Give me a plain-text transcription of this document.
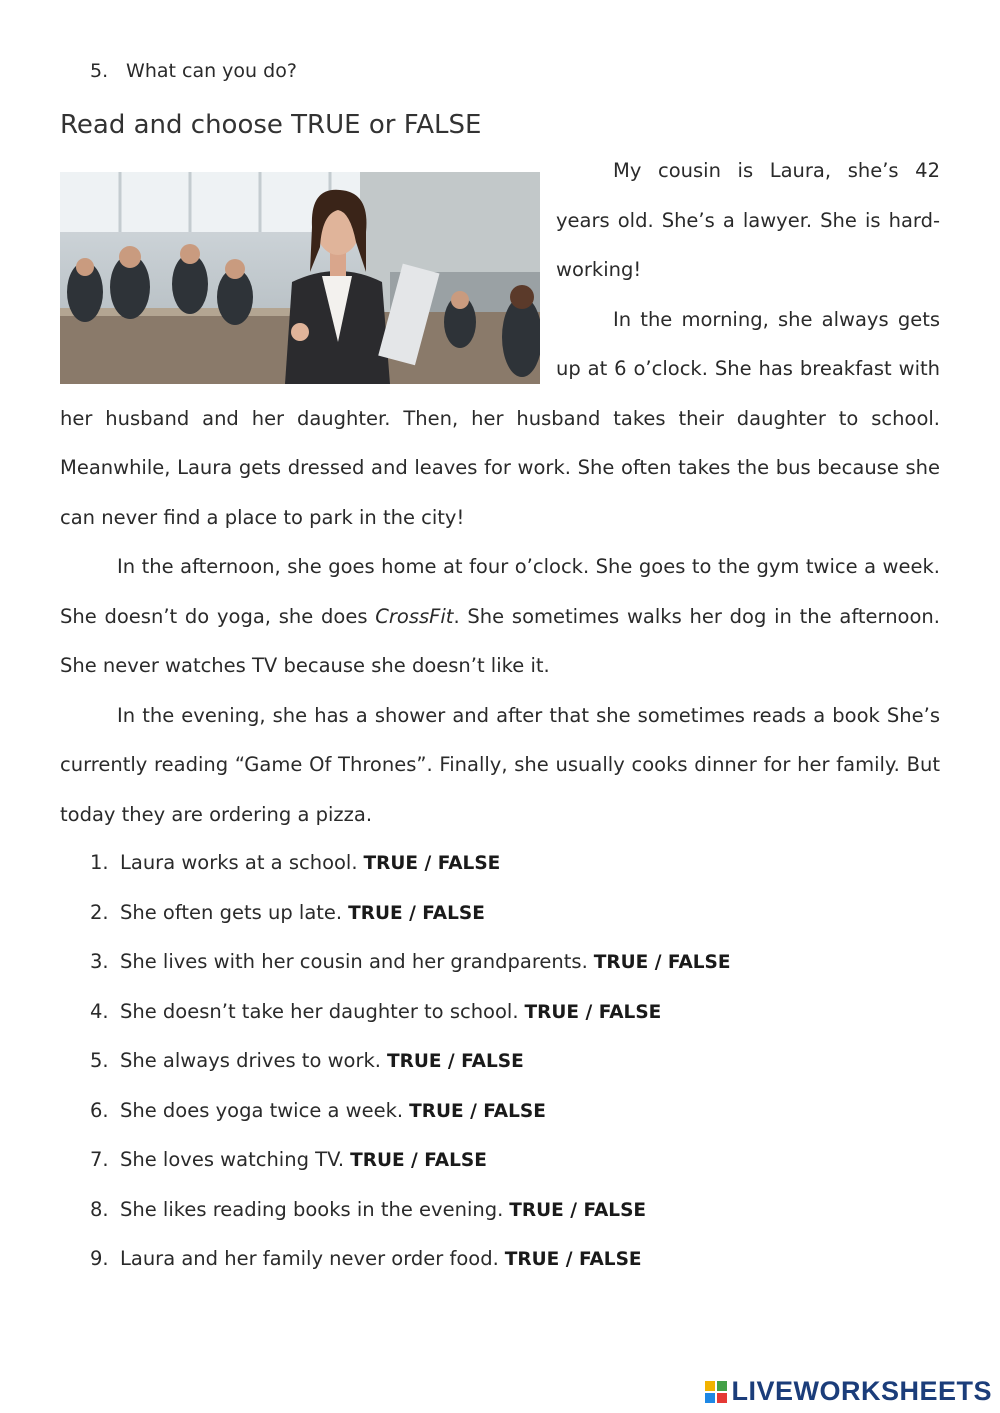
5. What can you do?
Read and choose TRUE or FALSE

My cousin is Laura, she’s 42 years old. She’s a lawyer. She is hard-working!

In the morning, she always gets up at 6 o’clock. She has breakfast with her husband and her daughter. Then, her husband takes their daughter to school. Meanwhile, Laura gets dressed and leaves for work. She often takes the bus because she can never find a place to park in the city!

In the afternoon, she goes home at four o’clock. She goes to the gym twice a week. She doesn’t do yoga, she does CrossFit. She sometimes walks her dog in the afternoon. She never watches TV because she doesn’t like it.

In the evening, she has a shower and after that she sometimes reads a book She’s currently reading “Game Of Thrones”. Finally, she usually cooks dinner for her family. But today they are ordering a pizza.

1. Laura works at a school. TRUE / FALSE
2. She often gets up late. TRUE / FALSE
3. She lives with her cousin and her grandparents. TRUE / FALSE
4. She doesn’t take her daughter to school. TRUE / FALSE
5. She always drives to work. TRUE / FALSE
6. She does yoga twice a week. TRUE / FALSE
7. She loves watching TV. TRUE / FALSE
8. She likes reading books in the evening. TRUE / FALSE
9. Laura and her family never order food. TRUE / FALSE
LIVEWORKSHEETS
